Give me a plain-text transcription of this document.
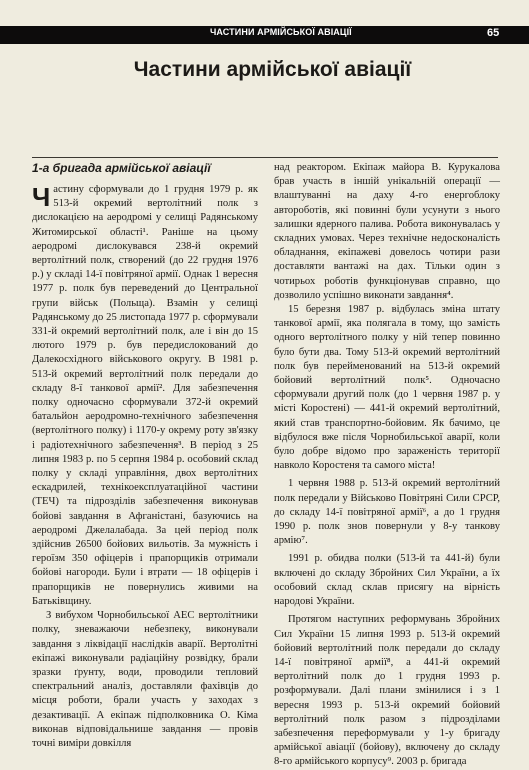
ЧАСТИНИ АРМІЙСЬКОЇ АВІАЦІЇ	65
Частини армійської авіації
1-а бригада армійської авіації

Частину сформували до 1 грудня 1979 р. як 513-й окремий вертолітний полк з дислокацією на аеродромі у селищі Радянському Житомирської області¹. Раніше на цьому аеродромі дислокувався 238-й окремий вертолітний полк, створений (до 22 грудня 1976 р.) у складі 14-ї повітряної армії. Однак 1 вересня 1977 р. полк був переведений до Центральної групи військ (Польща). Взамін у селищі Радянському до 25 листопада 1977 р. сформували 331-й окремий вертолітний полк, але і він до 15 лютого 1979 р. був передислокований до Далекосхідного військового округу. В 1981 р. 513-й окремий вертолітний полк передали до складу 8-ї танкової армії². Для забезпечення полку одночасно сформували 372-й окремий батальйон аеродромно-технічного забезпечення (вертолітного полку) і 1170-у окрему роту зв'язку і радіотехнічного забезпечення³. В період з 25 липня 1983 р. по 5 серпня 1984 р. особовий склад полку у складі управління, двох вертолітних ескадрилей, технікоексплуатаційної частини (ТЕЧ) та підрозділів забезпечення виконував бойові завдання в Афганістані, базуючись на аеродромі Джелалабада. За цей період полк здійснив 26500 бойових вильотів. За мужність і героїзм 350 офіцерів і прапорщиків отримали бойові нагороди. Були і втрати — 18 офіцерів і прапорщиків не повернулись живими на Батьківщину.

З вибухом Чорнобильської АЕС вертолітники полку, зневажаючи небезпеку, виконували завдання з ліквідації наслідків аварії. Вертолітні екіпажі виконували радіаційну розвідку, брали зразки ґрунту, води, проводили тепловий спектральний аналіз, доставляли фахівців до місця роботи, брали участь у заходах з дезактивації. А екіпаж підполковника О. Кіма виконав відповідальнише завдання — провів точні виміри довкілля

над реактором. Екіпаж майора В. Курукалова брав участь в іншій унікальній операції — влаштуванні на даху 4-го енергоблоку автороботів, які повинні були усунути з нього залишки ядерного палива. Робота виконувалась у складних умовах. Через технічне недосконалість обладнання, екіпажеві довелось чотири рази доставляти вантажі на дах. Тільки один з чотирьох роботів функціонував справно, що дозволило успішно виконати завдання⁴.

15 березня 1987 р. відбулась зміна штату танкової армії, яка полягала в тому, що замість одного вертолітного полку у ній тепер повинно було бути два. Тому 513-й окремий вертолітний полк був перейменований на 513-й окремий бойовий вертолітний полк⁵. Одночасно сформували другий полк (до 1 червня 1987 р. у місті Коростені) — 441-й окремий вертолітний, який став транспортно-бойовим. Як бачимо, це відбулося вже після Чорнобильської аварії, коли було добре відомо про зараженість території навколо Коростеня та самого міста!

1 червня 1988 р. 513-й окремий вертолітний полк передали у Військово Повітряні Сили СРСР, до складу 14-ї повітряної армії⁶, а до 1 грудня 1990 р. полк знов повернули у 8-у танкову армію⁷.

1991 р. обидва полки (513-й та 441-й) були включені до складу Збройних Сил України, а їх особовий склад склав присягу на вірність народові України.

Протягом наступних реформувань Збройних Сил України 15 липня 1993 р. 513-й окремий бойовий вертолітний полк передали до складу 14-ї повітряної армії⁸, а 441-й окремий вертолітний полк до 1 грудня 1993 р. розформували. Далі плани змінилися і з 1 вересня 1993 р. 513-й окремий бойовий вертолітний полк разом з підрозділами забезпечення переформували у 1-у бригаду армійської авіації (бойову), включену до складу 8-го армійського корпусу⁹. 2003 р. бригада
